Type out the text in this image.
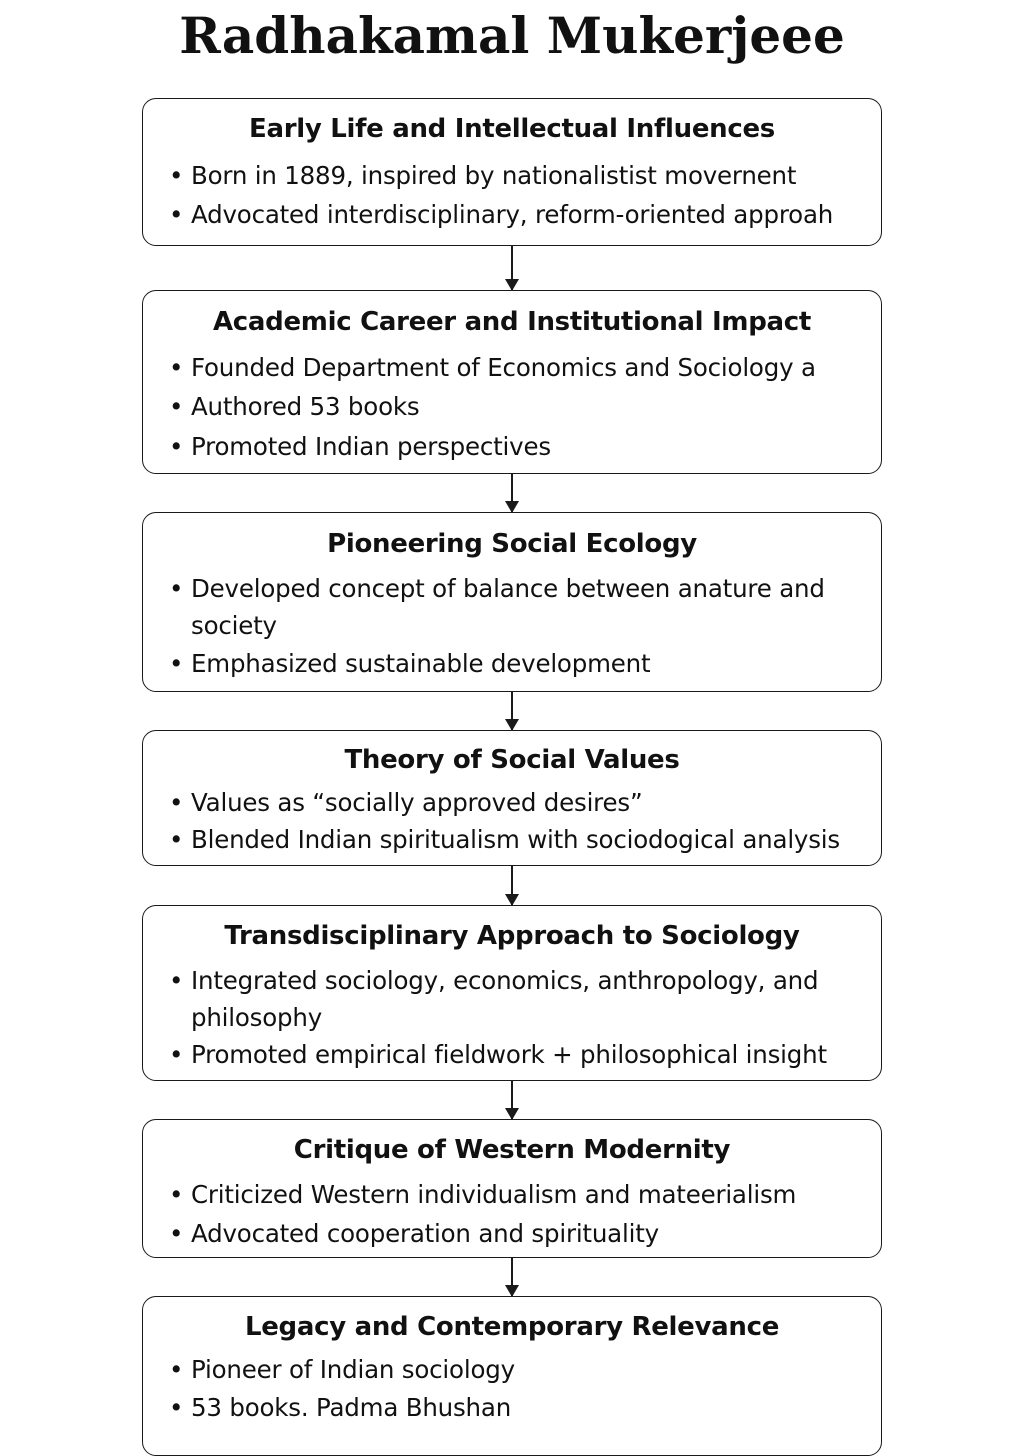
Radhakamal Mukerjeee
Early Life and Intellectual Influences
• Born in 1889, inspired by nationalistist movernent
• Advocated interdisciplinary, reform-oriented approah
Academic Career and Institutional Impact
• Founded Department of Economics and Sociology a
• Authored 53 books
• Promoted Indian perspectives
Pioneering Social Ecology
• Developed concept of balance between anature and society
• Emphasized sustainable development
Theory of Social Values
• Values as “socially approved desires”
• Blended Indian spiritualism with sociodogical analysis
Transdisciplinary Approach to Sociology
• Integrated sociology, economics, anthropology, and philosophy
• Promoted empirical fieldwork + philosophical insight
Critique of Western Modernity
• Criticized Western individualism and mateerialism
• Advocated cooperation and spirituality
Legacy and Contemporary Relevance
• Pioneer of Indian sociology
• 53 books. Padma Bhushan
